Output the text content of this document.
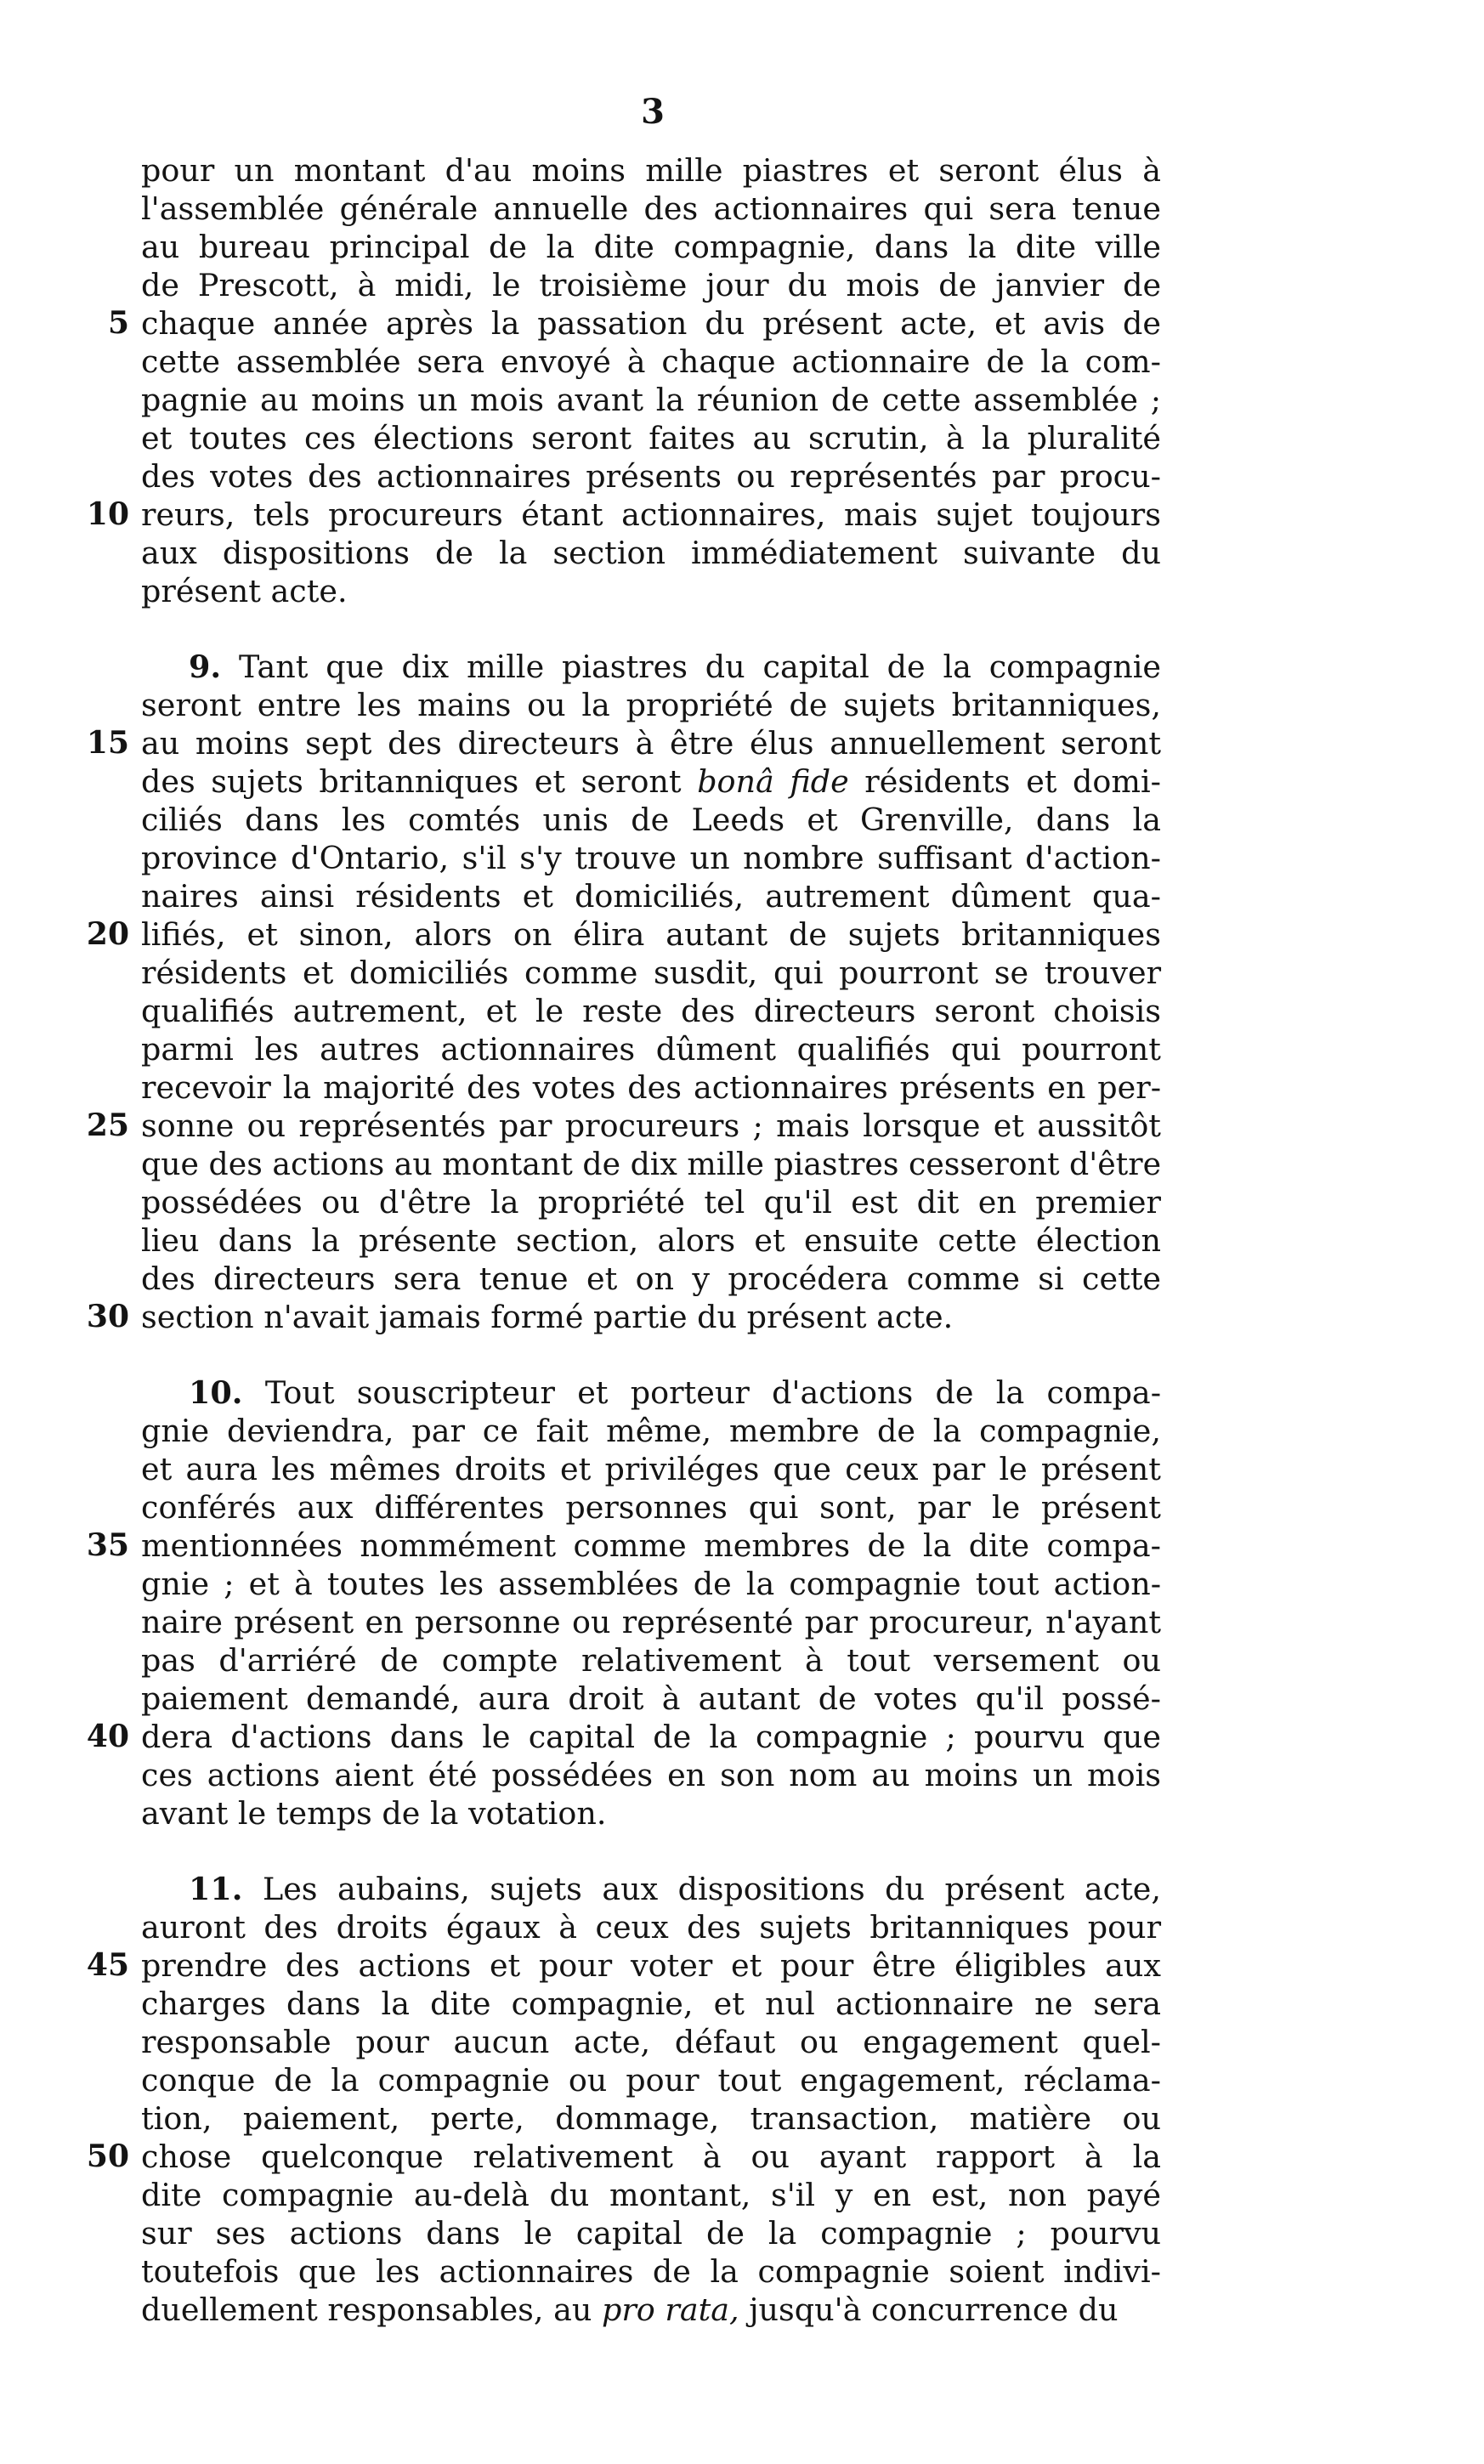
3
pour un montant d'au moins mille piastres et seront élus à
l'assemblée générale annuelle des actionnaires qui sera tenue
au bureau principal de la dite compagnie, dans la dite ville
de Prescott, à midi, le troisième jour du mois de janvier de
5 chaque année après la passation du présent acte, et avis de
cette assemblée sera envoyé à chaque actionnaire de la com-
pagnie au moins un mois avant la réunion de cette assemblée ;
et toutes ces élections seront faites au scrutin, à la pluralité
des votes des actionnaires présents ou représentés par procu-
10 reurs, tels procureurs étant actionnaires, mais sujet toujours
aux dispositions de la section immédiatement suivante du
présent acte.
9. Tant que dix mille piastres du capital de la compagnie
seront entre les mains ou la propriété de sujets britanniques,
15 au moins sept des directeurs à être élus annuellement seront
des sujets britanniques et seront bonâ fide résidents et domi-
ciliés dans les comtés unis de Leeds et Grenville, dans la
province d'Ontario, s'il s'y trouve un nombre suffisant d'action-
naires ainsi résidents et domiciliés, autrement dûment qua-
20 lifiés, et sinon, alors on élira autant de sujets britanniques
résidents et domiciliés comme susdit, qui pourront se trouver
qualifiés autrement, et le reste des directeurs seront choisis
parmi les autres actionnaires dûment qualifiés qui pourront
recevoir la majorité des votes des actionnaires présents en per-
25 sonne ou représentés par procureurs ; mais lorsque et aussitôt
que des actions au montant de dix mille piastres cesseront d'être
possédées ou d'être la propriété tel qu'il est dit en premier
lieu dans la présente section, alors et ensuite cette élection
des directeurs sera tenue et on y procédera comme si cette
30 section n'avait jamais formé partie du présent acte.
10. Tout souscripteur et porteur d'actions de la compa-
gnie deviendra, par ce fait même, membre de la compagnie,
et aura les mêmes droits et priviléges que ceux par le présent
conférés aux différentes personnes qui sont, par le présent
35 mentionnées nommément comme membres de la dite compa-
gnie ; et à toutes les assemblées de la compagnie tout action-
naire présent en personne ou représenté par procureur, n'ayant
pas d'arriéré de compte relativement à tout versement ou
paiement demandé, aura droit à autant de votes qu'il possé-
40 dera d'actions dans le capital de la compagnie ; pourvu que
ces actions aient été possédées en son nom au moins un mois
avant le temps de la votation.
11. Les aubains, sujets aux dispositions du présent acte,
auront des droits égaux à ceux des sujets britanniques pour
45 prendre des actions et pour voter et pour être éligibles aux
charges dans la dite compagnie, et nul actionnaire ne sera
responsable pour aucun acte, défaut ou engagement quel-
conque de la compagnie ou pour tout engagement, réclama-
tion, paiement, perte, dommage, transaction, matière ou
50 chose quelconque relativement à ou ayant rapport à la
dite compagnie au-delà du montant, s'il y en est, non payé
sur ses actions dans le capital de la compagnie ; pourvu
toutefois que les actionnaires de la compagnie soient indivi-
duellement responsables, au pro rata, jusqu'à concurrence du
